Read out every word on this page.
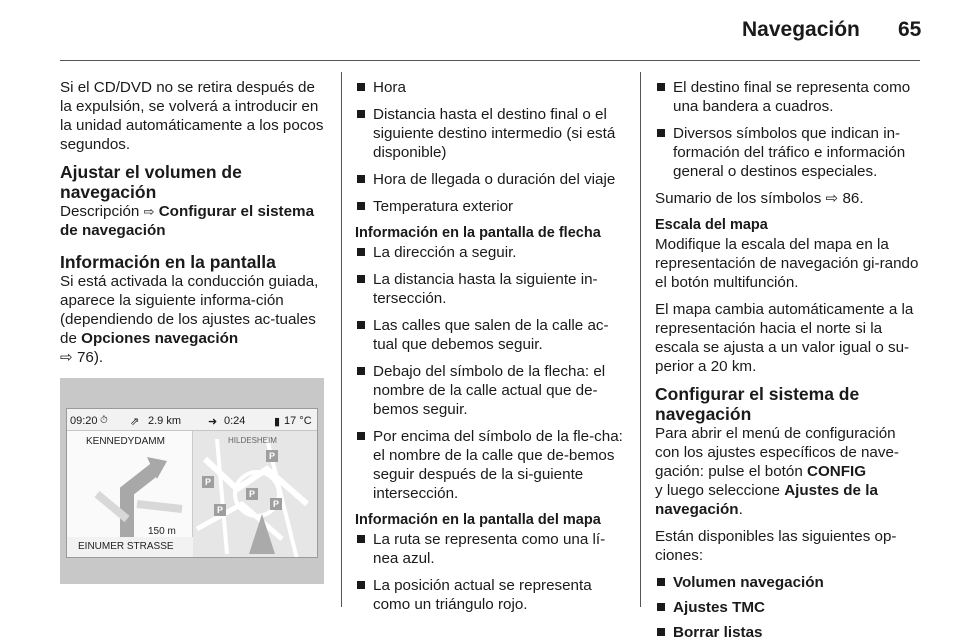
Navegación 65

Si el CD/DVD no se retira después de la expulsión, se volverá a introducir en la unidad automáticamente a los pocos segundos.

Ajustar el volumen de navegación

Descripción ⇨ Configurar el sistema de navegación

Información en la pantalla

Si está activada la conducción guiada, aparece la siguiente informa-ción (dependiendo de los ajustes ac-tuales de Opciones navegación
⇨ 76).

09:20 ⏱ ⇗ 2.9 km ➜ 0:24	▮ 17 °C
KENNEDYDAMM	HILDESHEIM
P
P
P
P
P
150 m
EINUMER STRASSE
Hora
Distancia hasta el destino final o el siguiente destino intermedio (si está disponible)
Hora de llegada o duración del viaje
Temperatura exterior
Información en la pantalla de flecha
La dirección a seguir.
La distancia hasta la siguiente in-tersección.
Las calles que salen de la calle ac-tual que debemos seguir.
Debajo del símbolo de la flecha: el nombre de la calle actual que de-bemos seguir.
Por encima del símbolo de la fle-cha: el nombre de la calle que de-bemos seguir después de la si-guiente intersección.
Información en la pantalla del mapa
La ruta se representa como una lí-nea azul.
La posición actual se representa como un triángulo rojo.
El destino final se representa como una bandera a cuadros.
Diversos símbolos que indican in-formación del tráfico e información general o destinos especiales.

Sumario de los símbolos ⇨ 86.

Escala del mapa

Modifique la escala del mapa en la representación de navegación gi-rando el botón multifunción.

El mapa cambia automáticamente a la representación hacia el norte si la escala se ajusta a un valor igual o su-perior a 20 km.

Configurar el sistema de navegación

Para abrir el menú de configuración con los ajustes específicos de nave-gación: pulse el botón CONFIG
y luego seleccione Ajustes de la navegación.

Están disponibles las siguientes op-ciones:

Volumen navegación
Ajustes TMC
Borrar listas
